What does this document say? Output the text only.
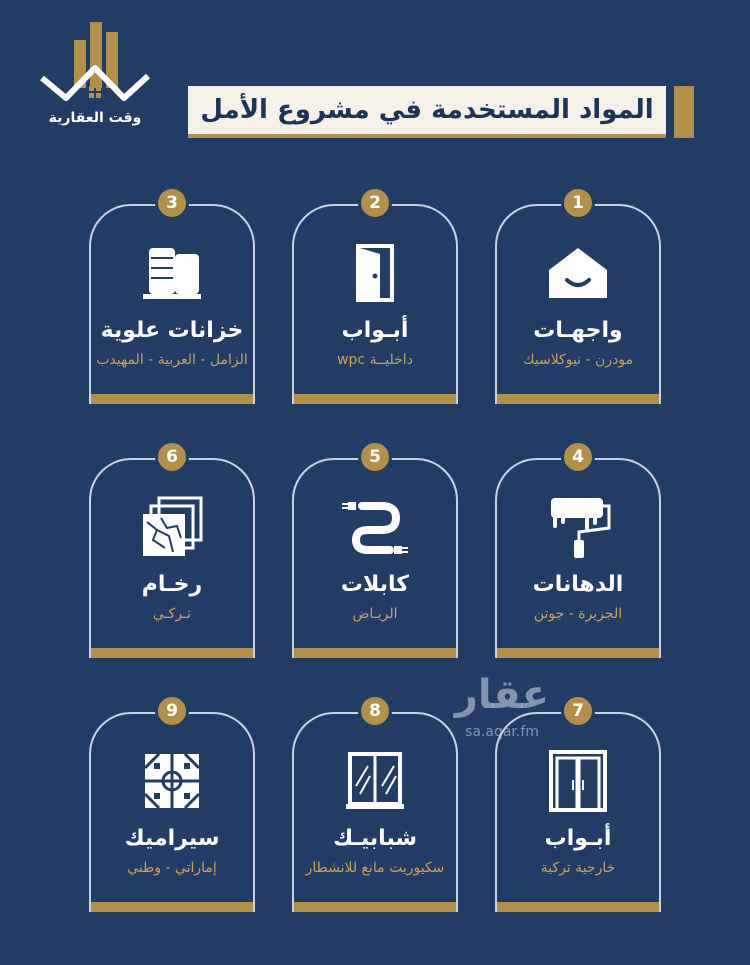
وقت العقارية	المواد المستخدمة في مشروع الأمل
واجهـات
مودرن - نيوكلاسيك
1
أبـواب
داخليــة wpc
2
خزانات علوية
الزامل - العربية - المهيدب
3
الدهانات
الجزيرة - جوتن
4
كابلات
الريـاض
5
رخـام
تـركـي
6
أبـواب
خارجية تركية
7
شبابيـك
سكيوريت مانع للانشطار
8
سيراميك
إماراتي - وطني
9	عقار
sa.aqar.fm
